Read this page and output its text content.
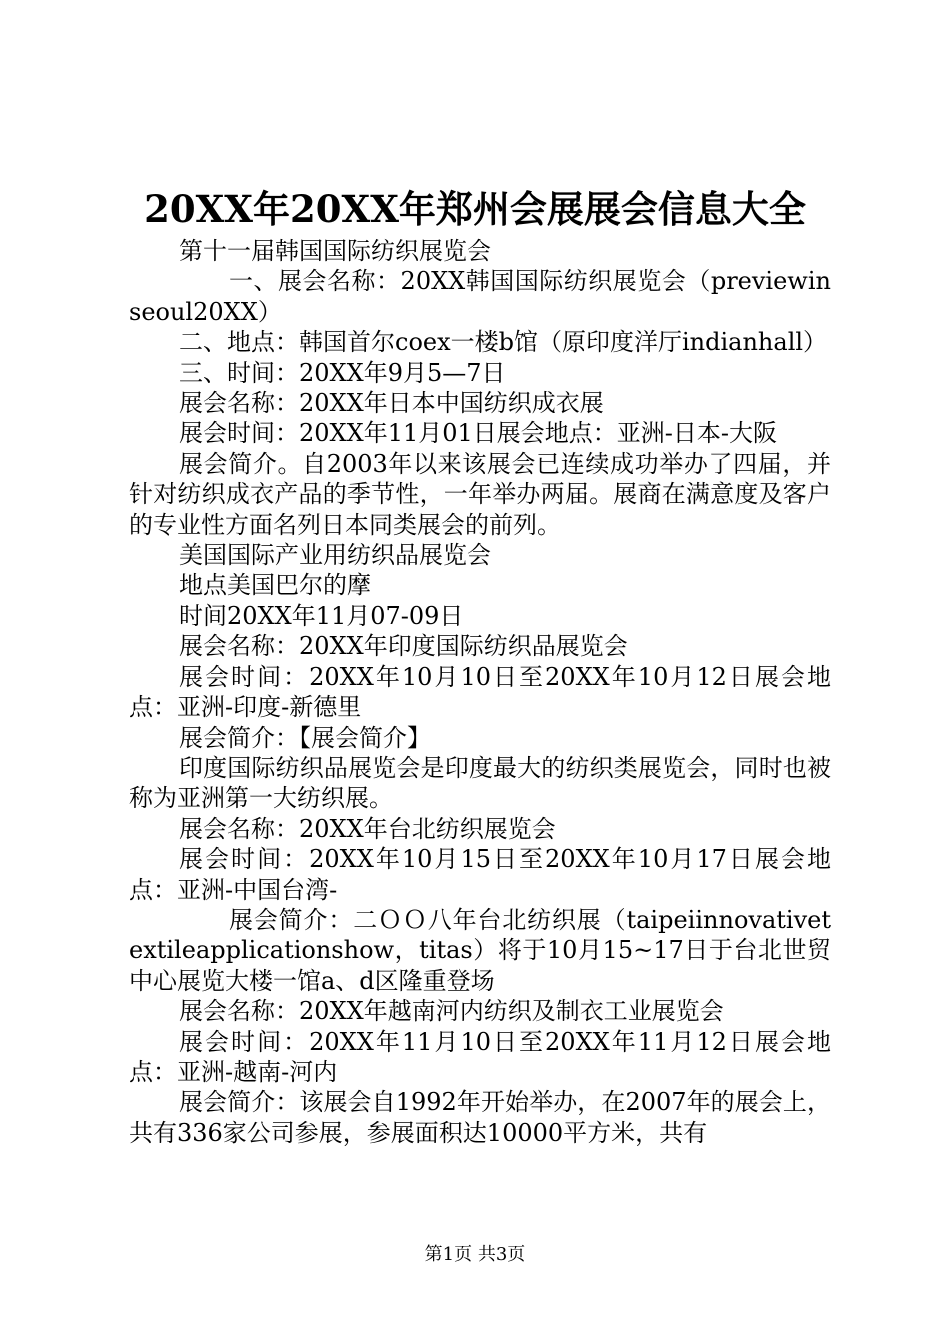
20XX年20XX年郑州会展展会信息大全

第十一届韩国国际纺织展览会

一、展会名称：20XX韩国国际纺织展览会（previewinseoul20XX）

二、地点：韩国首尔coex一楼b馆（原印度洋厅indianhall）

三、时间：20XX年9月5—7日

展会名称：20XX年日本中国纺织成衣展

展会时间：20XX年11月01日展会地点：亚洲-日本-大阪

展会简介。自2003年以来该展会已连续成功举办了四届，并针对纺织成衣产品的季节性，一年举办两届。展商在满意度及客户的专业性方面名列日本同类展会的前列。

美国国际产业用纺织品展览会

地点美国巴尔的摩

时间20XX年11月07-09日

展会名称：20XX年印度国际纺织品展览会

展会时间：20XX年10月10日至20XX年10月12日展会地点：亚洲-印度-新德里

展会简介：【展会简介】

印度国际纺织品展览会是印度最大的纺织类展览会，同时也被称为亚洲第一大纺织展。

展会名称：20XX年台北纺织展览会

展会时间：20XX年10月15日至20XX年10月17日展会地点：亚洲-中国台湾-

展会简介：二ＯＯ八年台北纺织展（taipeiinnovativetextileapplicationshow，titas）将于10月15~17日于台北世贸中心展览大楼一馆a、d区隆重登场

展会名称：20XX年越南河内纺织及制衣工业展览会

展会时间：20XX年11月10日至20XX年11月12日展会地点：亚洲-越南-河内

展会简介：该展会自1992年开始举办，在2007年的展会上，共有336家公司参展，参展面积达10000平方米，共有

第1页 共3页
